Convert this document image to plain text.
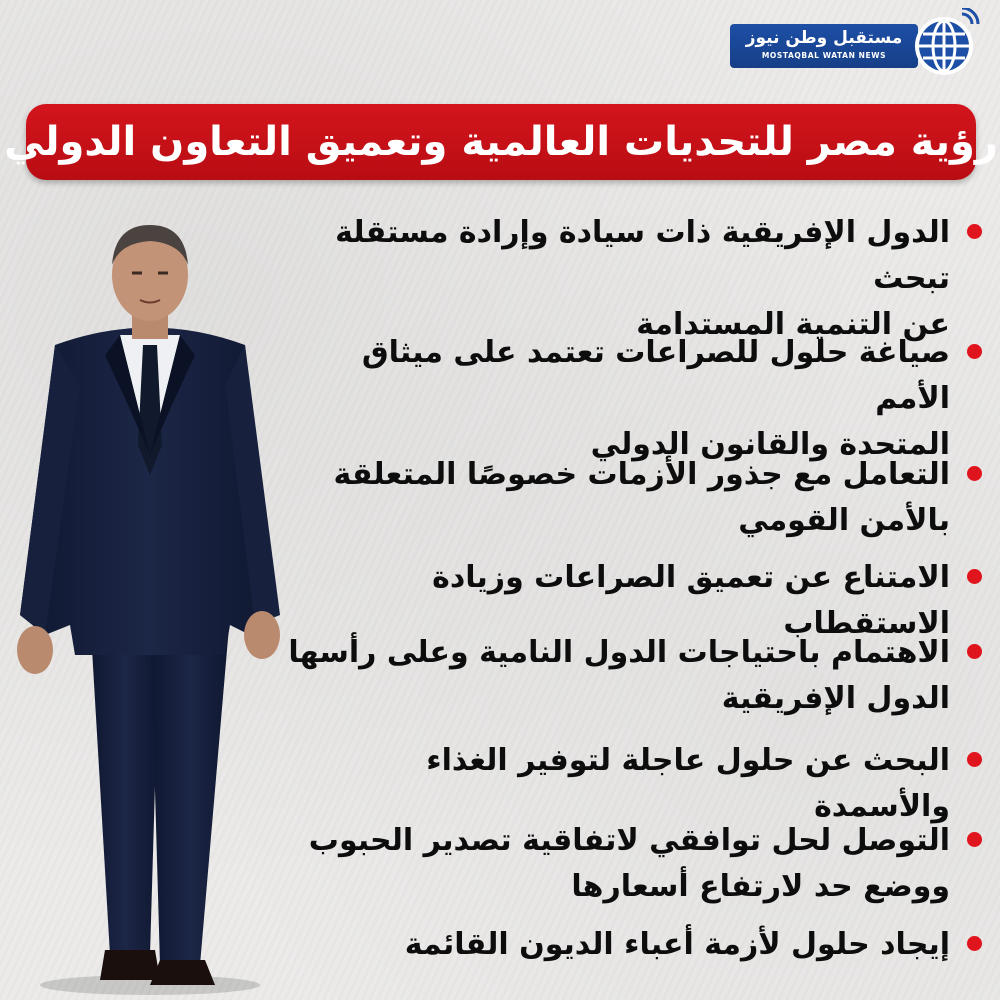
مستقبل وطن نيوز
MOSTAQBAL WATAN NEWS
رؤية مصر للتحديات العالمية وتعميق التعاون الدولي
الدول الإفريقية ذات سيادة وإرادة مستقلة تبحث
عن التنمية المستدامة
صياغة حلول للصراعات تعتمد على ميثاق الأمم
المتحدة والقانون الدولي
التعامل مع جذور الأزمات خصوصًا المتعلقة
بالأمن القومي
الامتناع عن تعميق الصراعات وزيادة الاستقطاب
الاهتمام باحتياجات الدول النامية وعلى رأسها
الدول الإفريقية
البحث عن حلول عاجلة لتوفير الغذاء والأسمدة
التوصل لحل توافقي لاتفاقية تصدير الحبوب
ووضع حد لارتفاع أسعارها
إيجاد حلول لأزمة أعباء الديون القائمة
